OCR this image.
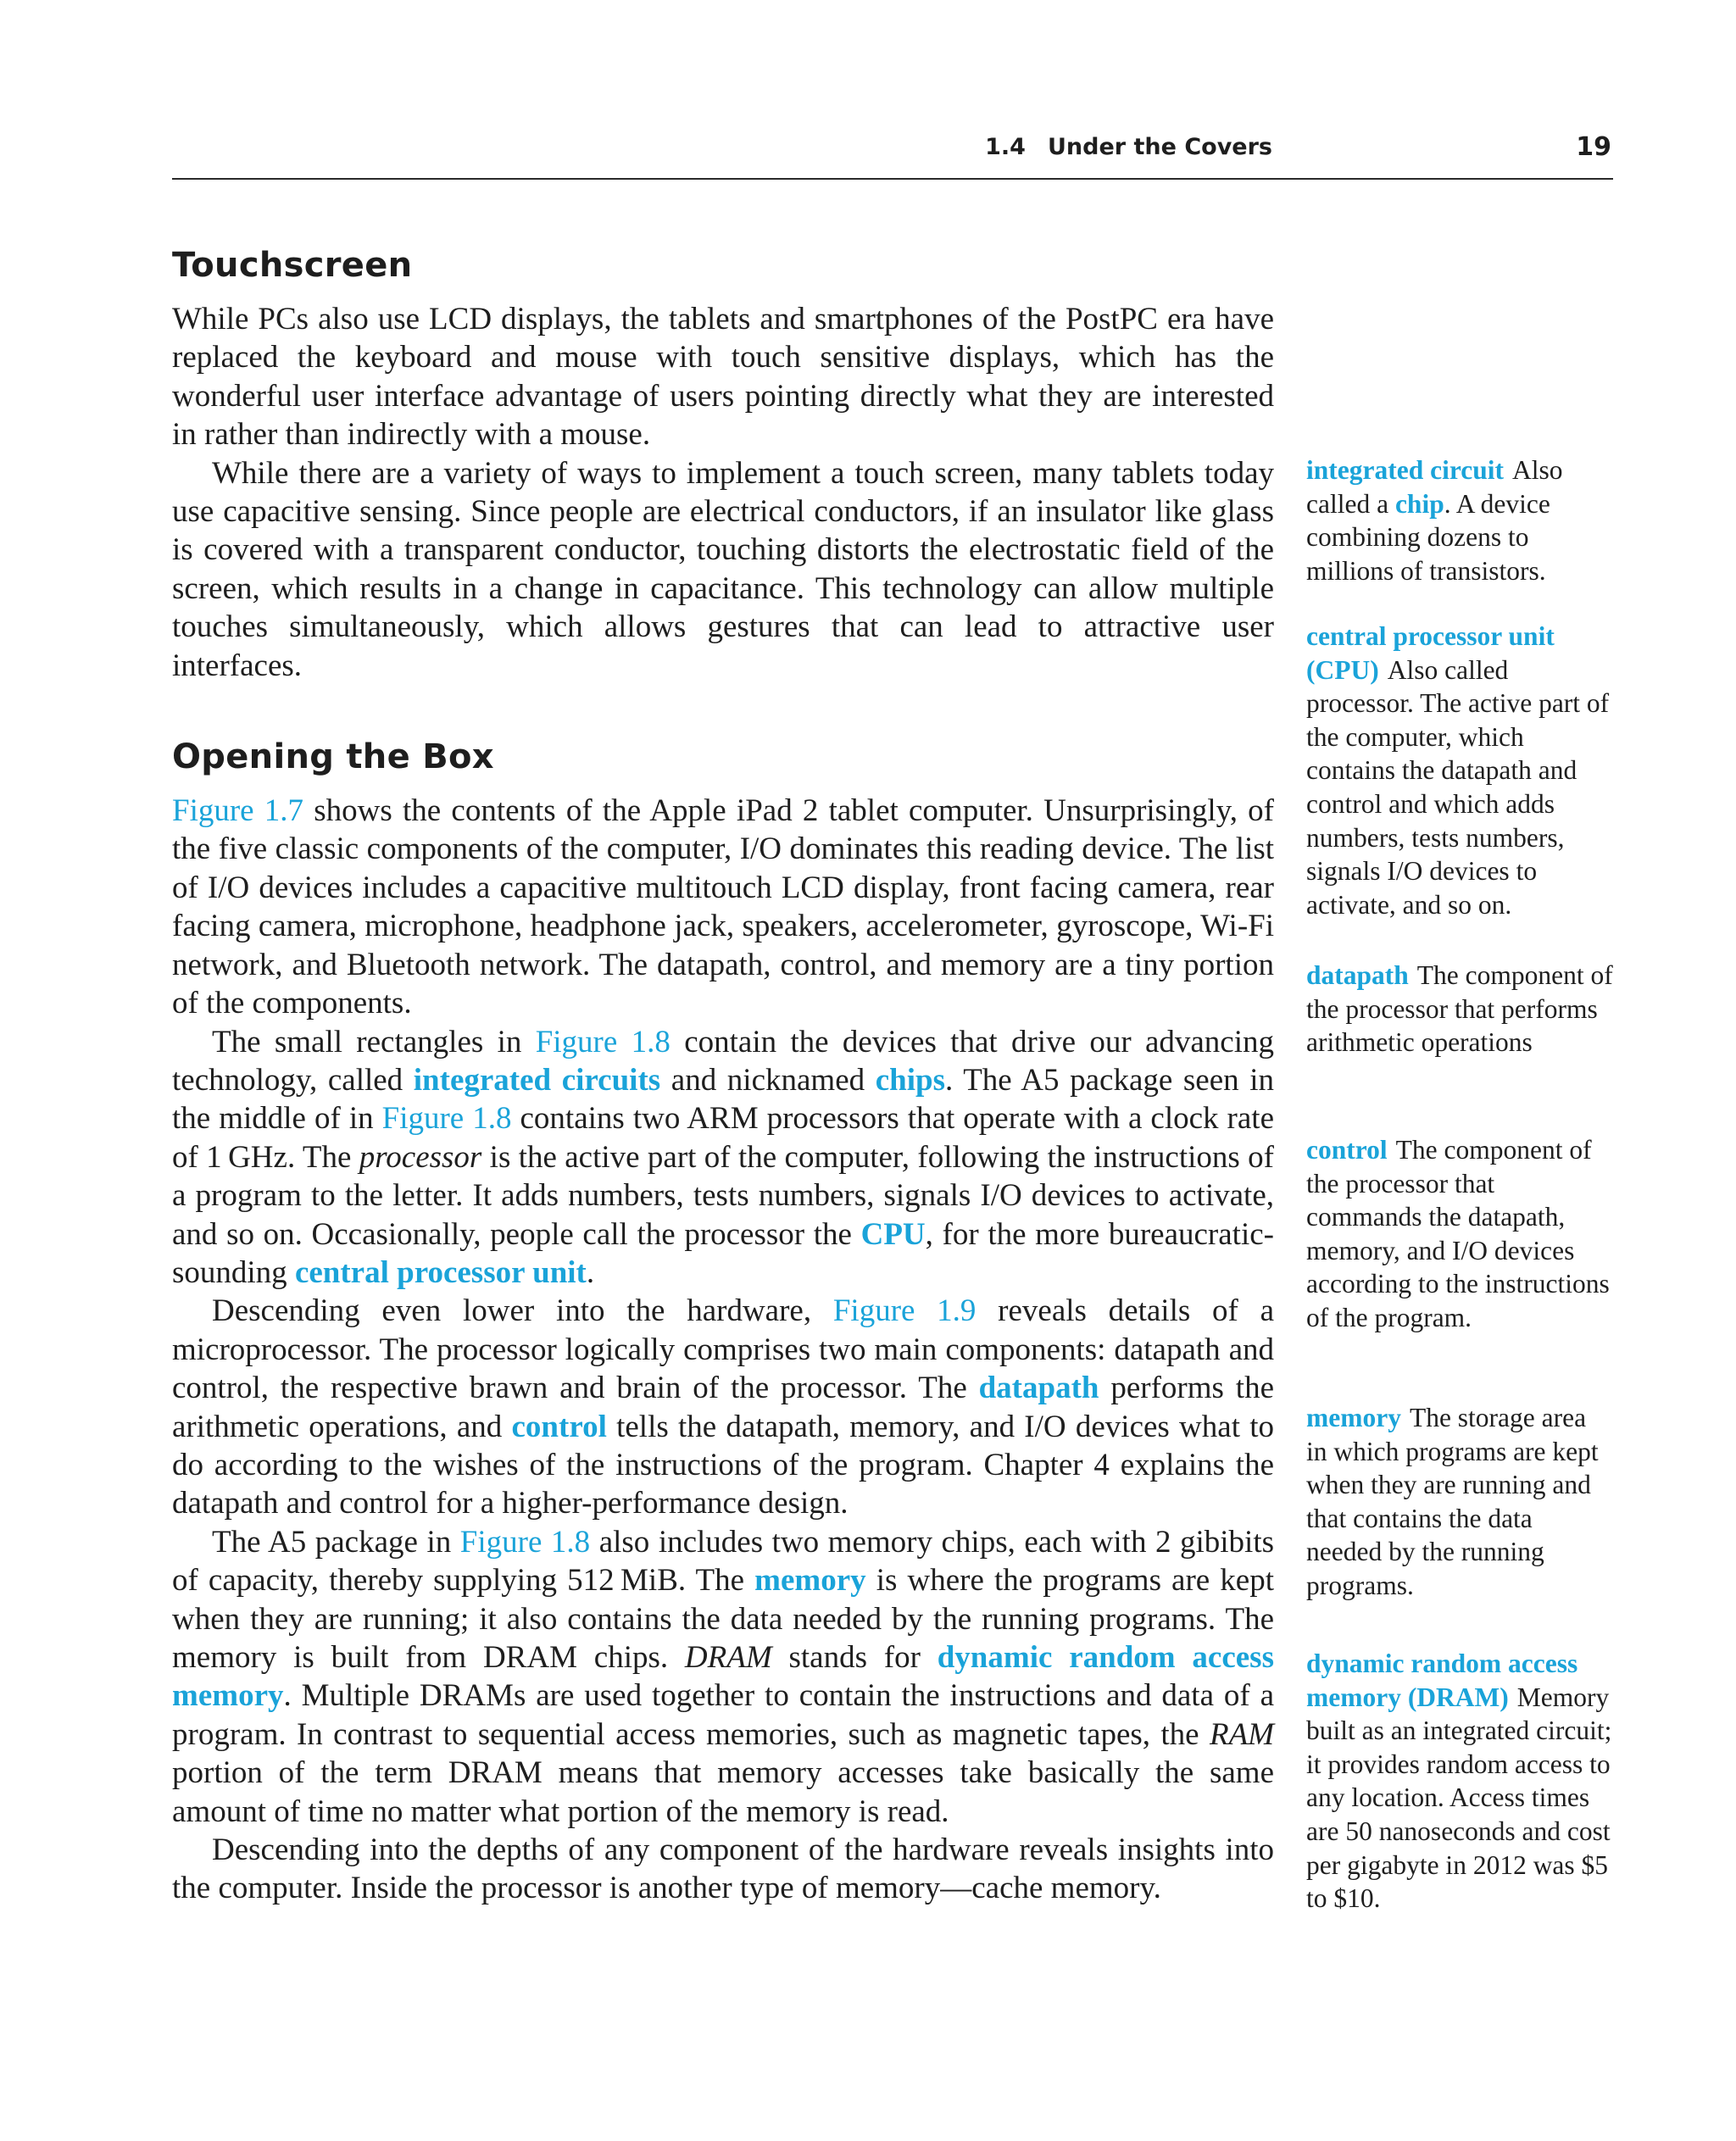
1.4 Under the Covers	19
Touchscreen

While PCs also use LCD displays, the tablets and smartphones of the PostPC era have replaced the keyboard and mouse with touch sensitive displays, which has the wonderful user interface advantage of users pointing directly what they are interested in rather than indirectly with a mouse.

While there are a variety of ways to implement a touch screen, many tablets today use capacitive sensing. Since people are electrical conductors, if an insulator like glass is covered with a transparent conductor, touching distorts the electrostatic field of the screen, which results in a change in capacitance. This technology can allow multiple touches simultaneously, which allows gestures that can lead to attractive user interfaces.

Opening the Box

Figure 1.7 shows the contents of the Apple iPad 2 tablet computer. Unsurprisingly, of the five classic components of the computer, I/O dominates this reading device. The list of I/O devices includes a capacitive multitouch LCD display, front facing camera, rear facing camera, microphone, headphone jack, speakers, accelerometer, gyroscope, Wi-Fi network, and Bluetooth network. The datapath, control, and memory are a tiny portion of the components.

The small rectangles in Figure 1.8 contain the devices that drive our advancing technology, called integrated circuits and nicknamed chips. The A5 package seen in the middle of in Figure 1.8 contains two ARM processors that operate with a clock rate of 1 GHz. The processor is the active part of the computer, following the instructions of a program to the letter. It adds numbers, tests numbers, signals I/O devices to activate, and so on. Occasionally, people call the processor the CPU, for the more bureaucratic-sounding central processor unit.

Descending even lower into the hardware, Figure 1.9 reveals details of a microprocessor. The processor logically comprises two main components: datapath and control, the respective brawn and brain of the processor. The datapath performs the arithmetic operations, and control tells the datapath, memory, and I/O devices what to do according to the wishes of the instructions of the program. Chapter 4 explains the datapath and control for a higher-performance design.

The A5 package in Figure 1.8 also includes two memory chips, each with 2 gibibits of capacity, thereby supplying 512 MiB. The memory is where the programs are kept when they are running; it also contains the data needed by the running programs. The memory is built from DRAM chips. DRAM stands for dynamic random access memory. Multiple DRAMs are used together to contain the instructions and data of a program. In contrast to sequential access memories, such as magnetic tapes, the RAM portion of the term DRAM means that memory accesses take basically the same amount of time no matter what portion of the memory is read.

Descending into the depths of any component of the hardware reveals insights into the computer. Inside the processor is another type of memory—cache memory.

integrated circuit Also called a chip. A device combining dozens to millions of transistors.
central processor unit (CPU) Also called processor. The active part of the computer, which contains the datapath and control and which adds numbers, tests numbers, signals I/O devices to activate, and so on.
datapath The component of the processor that performs arithmetic operations
control The component of the processor that commands the datapath, memory, and I/O devices according to the instructions of the program.
memory The storage area in which programs are kept when they are running and that contains the data needed by the running programs.
dynamic random access memory (DRAM) Memory built as an integrated circuit; it provides random access to any location. Access times are 50 nanoseconds and cost per gigabyte in 2012 was $5 to $10.
